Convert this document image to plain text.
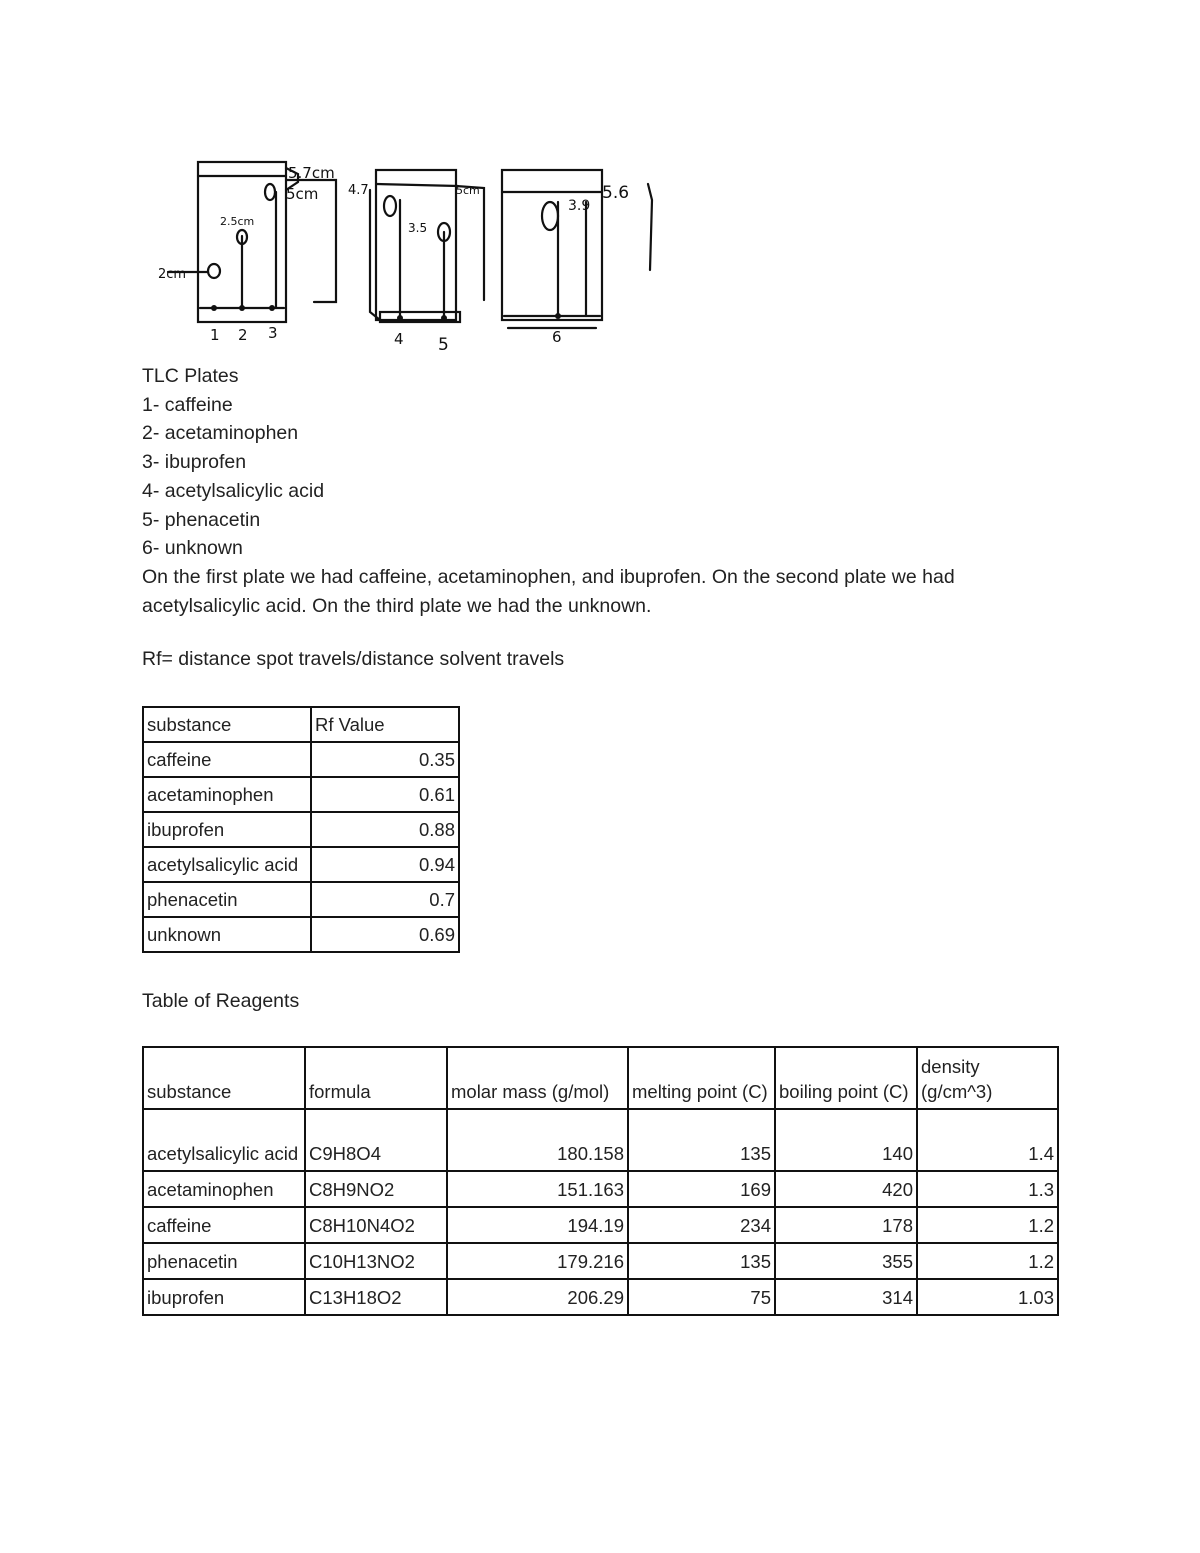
5.7cm
5cm
2.5cm
2cm
1 2 3
4.7	5cm
3.5
4 5
3.9
5.6
6
TLC Plates
1- caffeine
2- acetaminophen
3- ibuprofen
4- acetylsalicylic acid
5- phenacetin
6- unknown
On the first plate we had caffeine, acetaminophen, and ibuprofen. On the second plate we had acetylsalicylic acid. On the third plate we had the unknown.
Rf= distance spot travels/distance solvent travels
substance	Rf Value
caffeine	0.35
acetaminophen	0.61
ibuprofen	0.88
acetylsalicylic acid	0.94
phenacetin	0.7
unknown	0.69
Table of Reagents
substance	formula	molar mass (g/mol)	melting point (C)	boiling point (C)	density (g/cm^3)
acetylsalicylic acid	C9H8O4	180.158	135	140	1.4
acetaminophen	C8H9NO2	151.163	169	420	1.3
caffeine	C8H10N4O2	194.19	234	178	1.2
phenacetin	C10H13NO2	179.216	135	355	1.2
ibuprofen	C13H18O2	206.29	75	314	1.03
